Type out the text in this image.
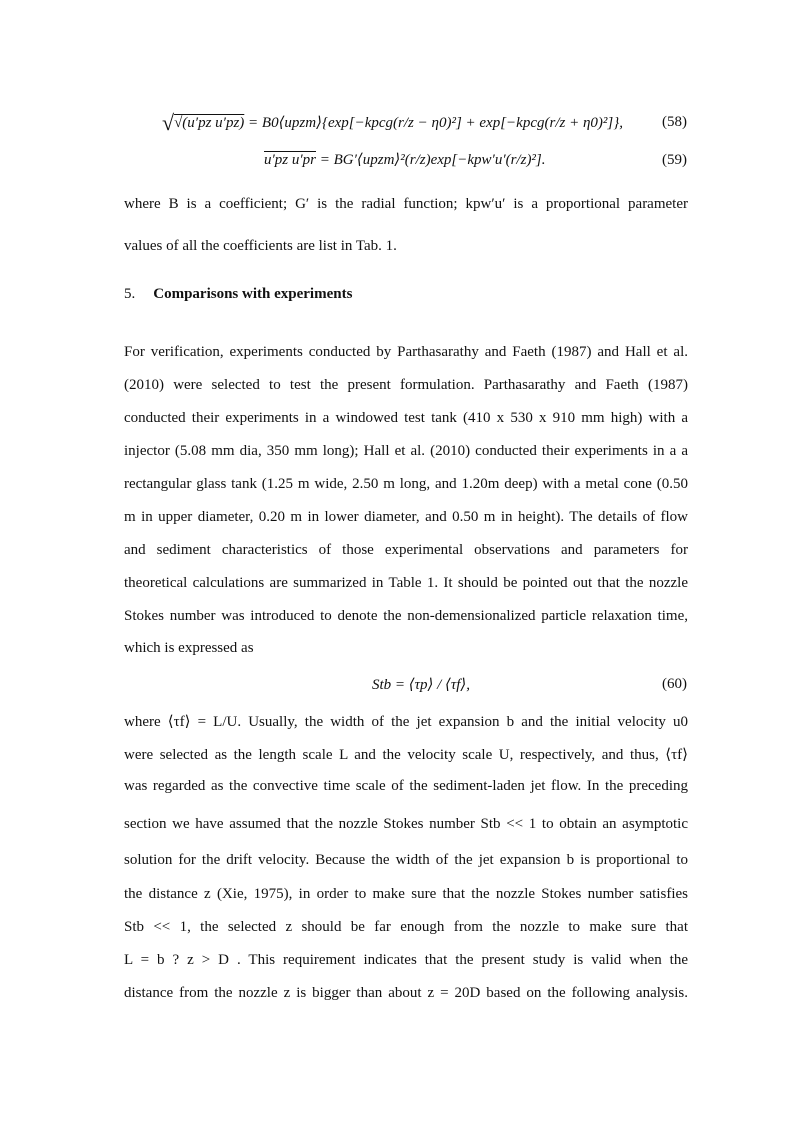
√√(u′pz u′pz) = B0⟨upzm⟩{exp[−kpcg(r/z − η0)²] + exp[−kpcg(r/z + η0)²]},	(58)
u′pz u′pr = BG′⟨upzm⟩²(r/z)exp[−kpw′u′(r/z)²].	(59)
where B is a coefficient; G′ is the radial function; kpw′u′ is a proportional parameter
values of all the coefficients are list in Tab. 1.
5. Comparisons with experiments
For verification, experiments conducted by Parthasarathy and Faeth (1987) and Hall et al.
(2010) were selected to test the present formulation. Parthasarathy and Faeth (1987)
conducted their experiments in a windowed test tank (410 x 530 x 910 mm high) with a
injector (5.08 mm dia, 350 mm long); Hall et al. (2010) conducted their experiments in a a
rectangular glass tank (1.25 m wide, 2.50 m long, and 1.20m deep) with a metal cone (0.50
m in upper diameter, 0.20 m in lower diameter, and 0.50 m in height). The details of flow
and sediment characteristics of those experimental observations and parameters for
theoretical calculations are summarized in Table 1. It should be pointed out that the nozzle
Stokes number was introduced to denote the non-demensionalized particle relaxation time,
which is expressed as
Stb = ⟨τp⟩ / ⟨τf⟩,	(60)
where ⟨τf⟩ = L/U. Usually, the width of the jet expansion b and the initial velocity u0
were selected as the length scale L and the velocity scale U, respectively, and thus, ⟨τf⟩
was regarded as the convective time scale of the sediment-laden jet flow. In the preceding
section we have assumed that the nozzle Stokes number Stb << 1 to obtain an asymptotic
solution for the drift velocity. Because the width of the jet expansion b is proportional to
the distance z (Xie, 1975), in order to make sure that the nozzle Stokes number satisfies
Stb << 1, the selected z should be far enough from the nozzle to make sure that
L = b ? z > D . This requirement indicates that the present study is valid when the
distance from the nozzle z is bigger than about z = 20D based on the following analysis.
